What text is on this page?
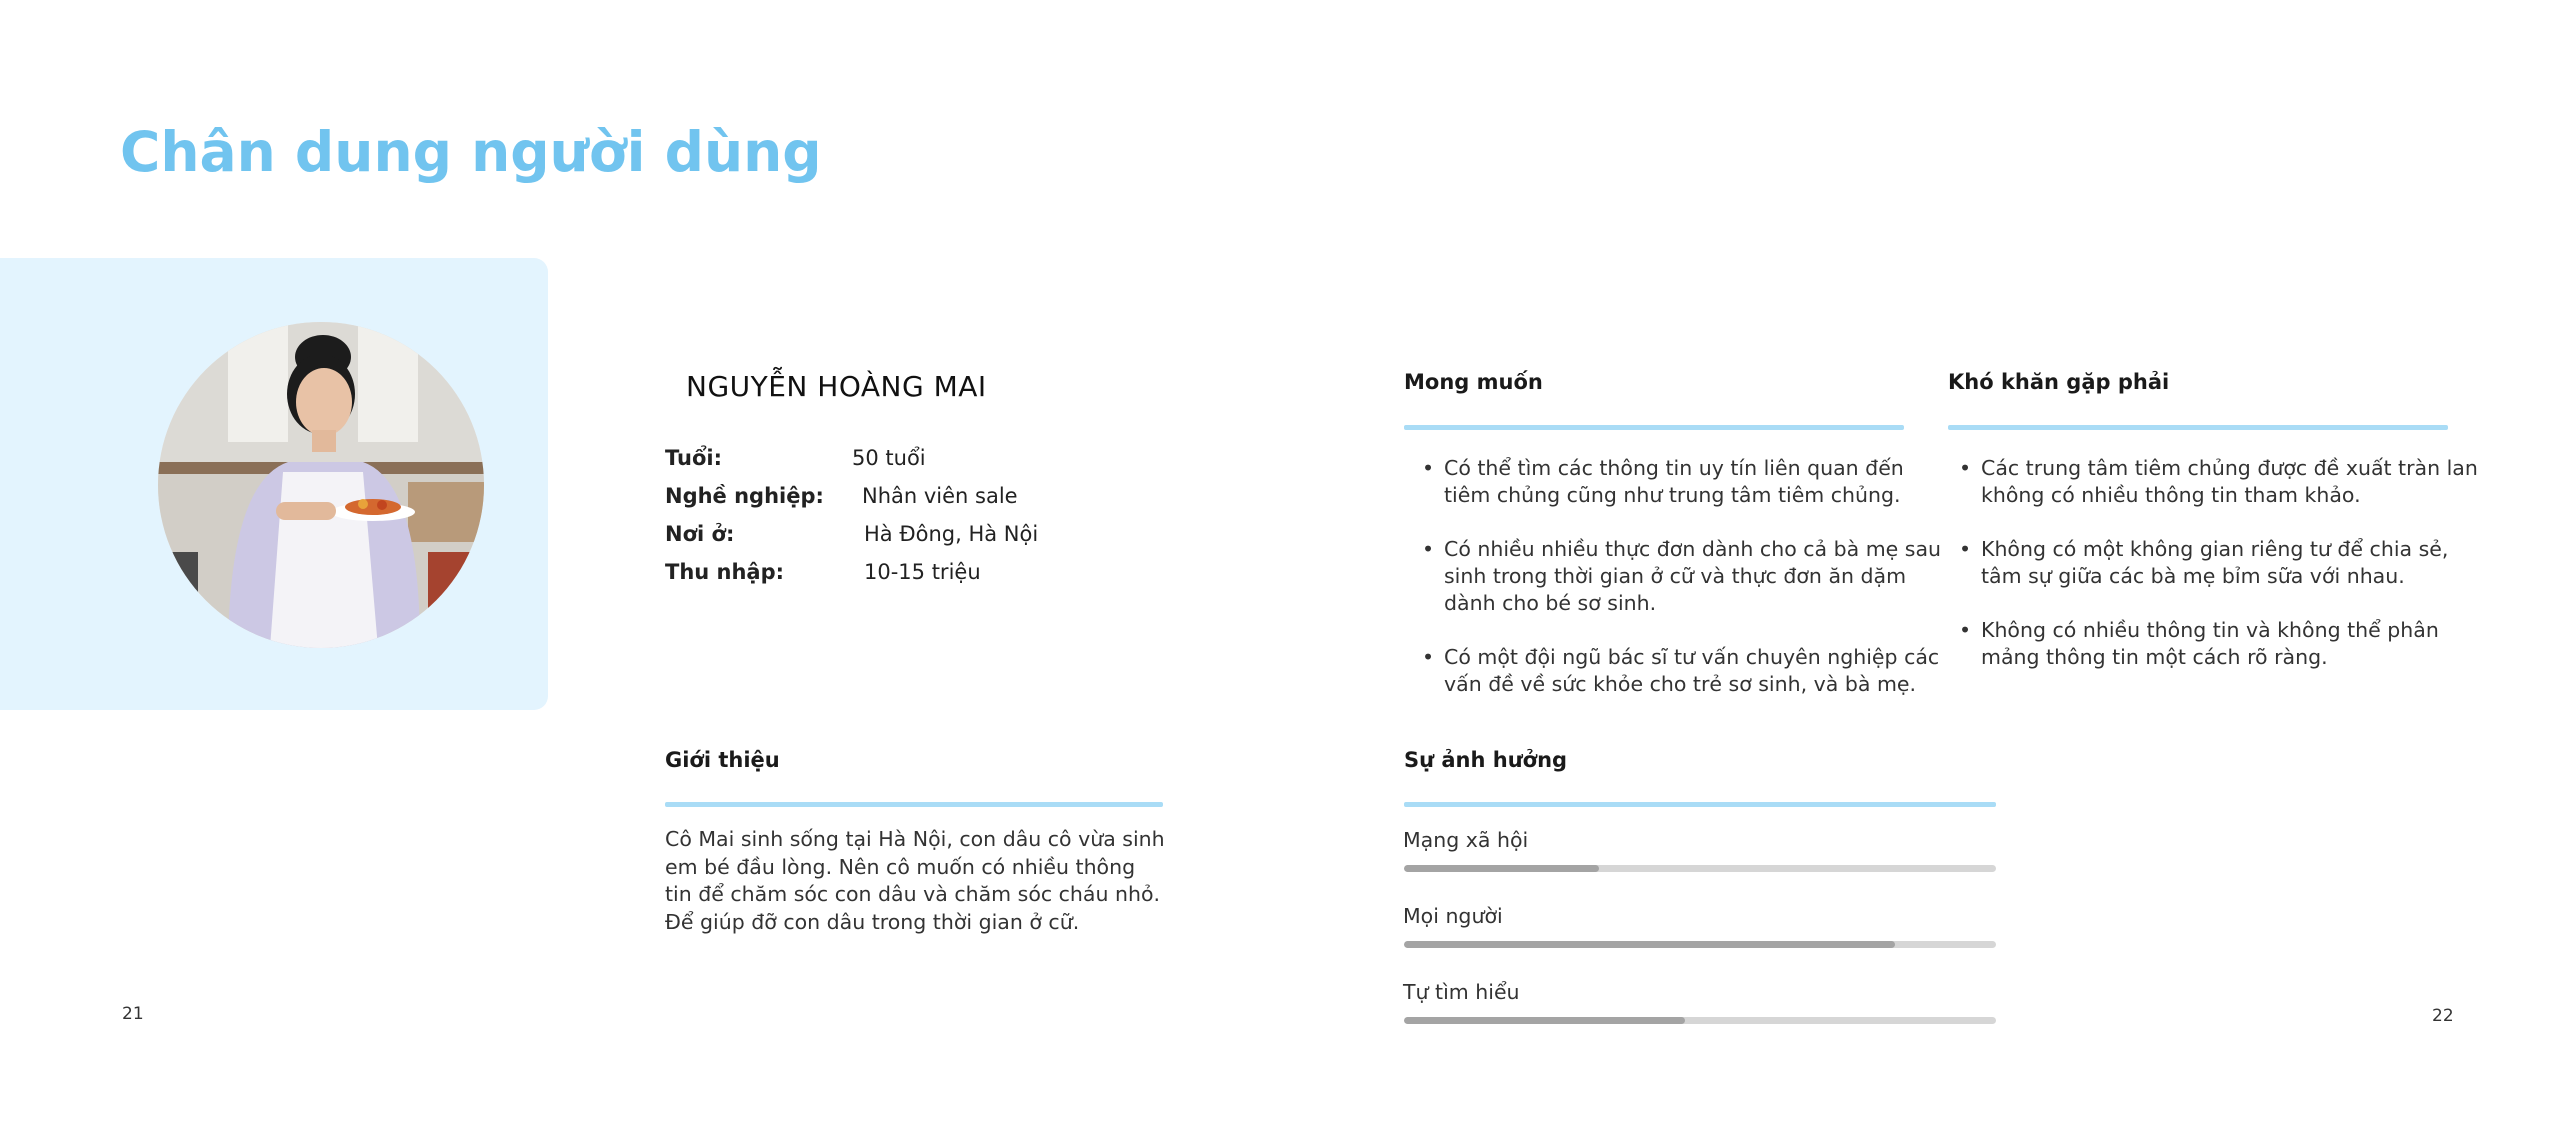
Chân dung người dùng
NGUYỄN HOÀNG MAI
Tuổi:	50 tuổi
Nghề nghiệp: Nhân viên sale
Nơi ở:	Hà Đông, Hà Nội
Thu nhập:	10-15 triệu
Mong muốn
• Có thể tìm các thông tin uy tín liên quan đến tiêm chủng cũng như trung tâm tiêm chủng.
• Có nhiều nhiều thực đơn dành cho cả bà mẹ sau sinh trong thời gian ở cữ và thực đơn ăn dặm dành cho bé sơ sinh.
• Có một đội ngũ bác sĩ tư vấn chuyên nghiệp các vấn đề về sức khỏe cho trẻ sơ sinh, và bà mẹ.
Khó khăn gặp phải
• Các trung tâm tiêm chủng được đề xuất tràn lan không có nhiều thông tin tham khảo.
• Không có một không gian riêng tư để chia sẻ, tâm sự giữa các bà mẹ bỉm sữa với nhau.
• Không có nhiều thông tin và không thể phân mảng thông tin một cách rõ ràng.
Giới thiệu

Cô Mai sinh sống tại Hà Nội, con dâu cô vừa sinh em bé đầu lòng. Nên cô muốn có nhiều thông tin để chăm sóc con dâu và chăm sóc cháu nhỏ. Để giúp đỡ con dâu trong thời gian ở cữ.

Sự ảnh hưởng
Mạng xã hội
Mọi người
Tự tìm hiểu
21	22
